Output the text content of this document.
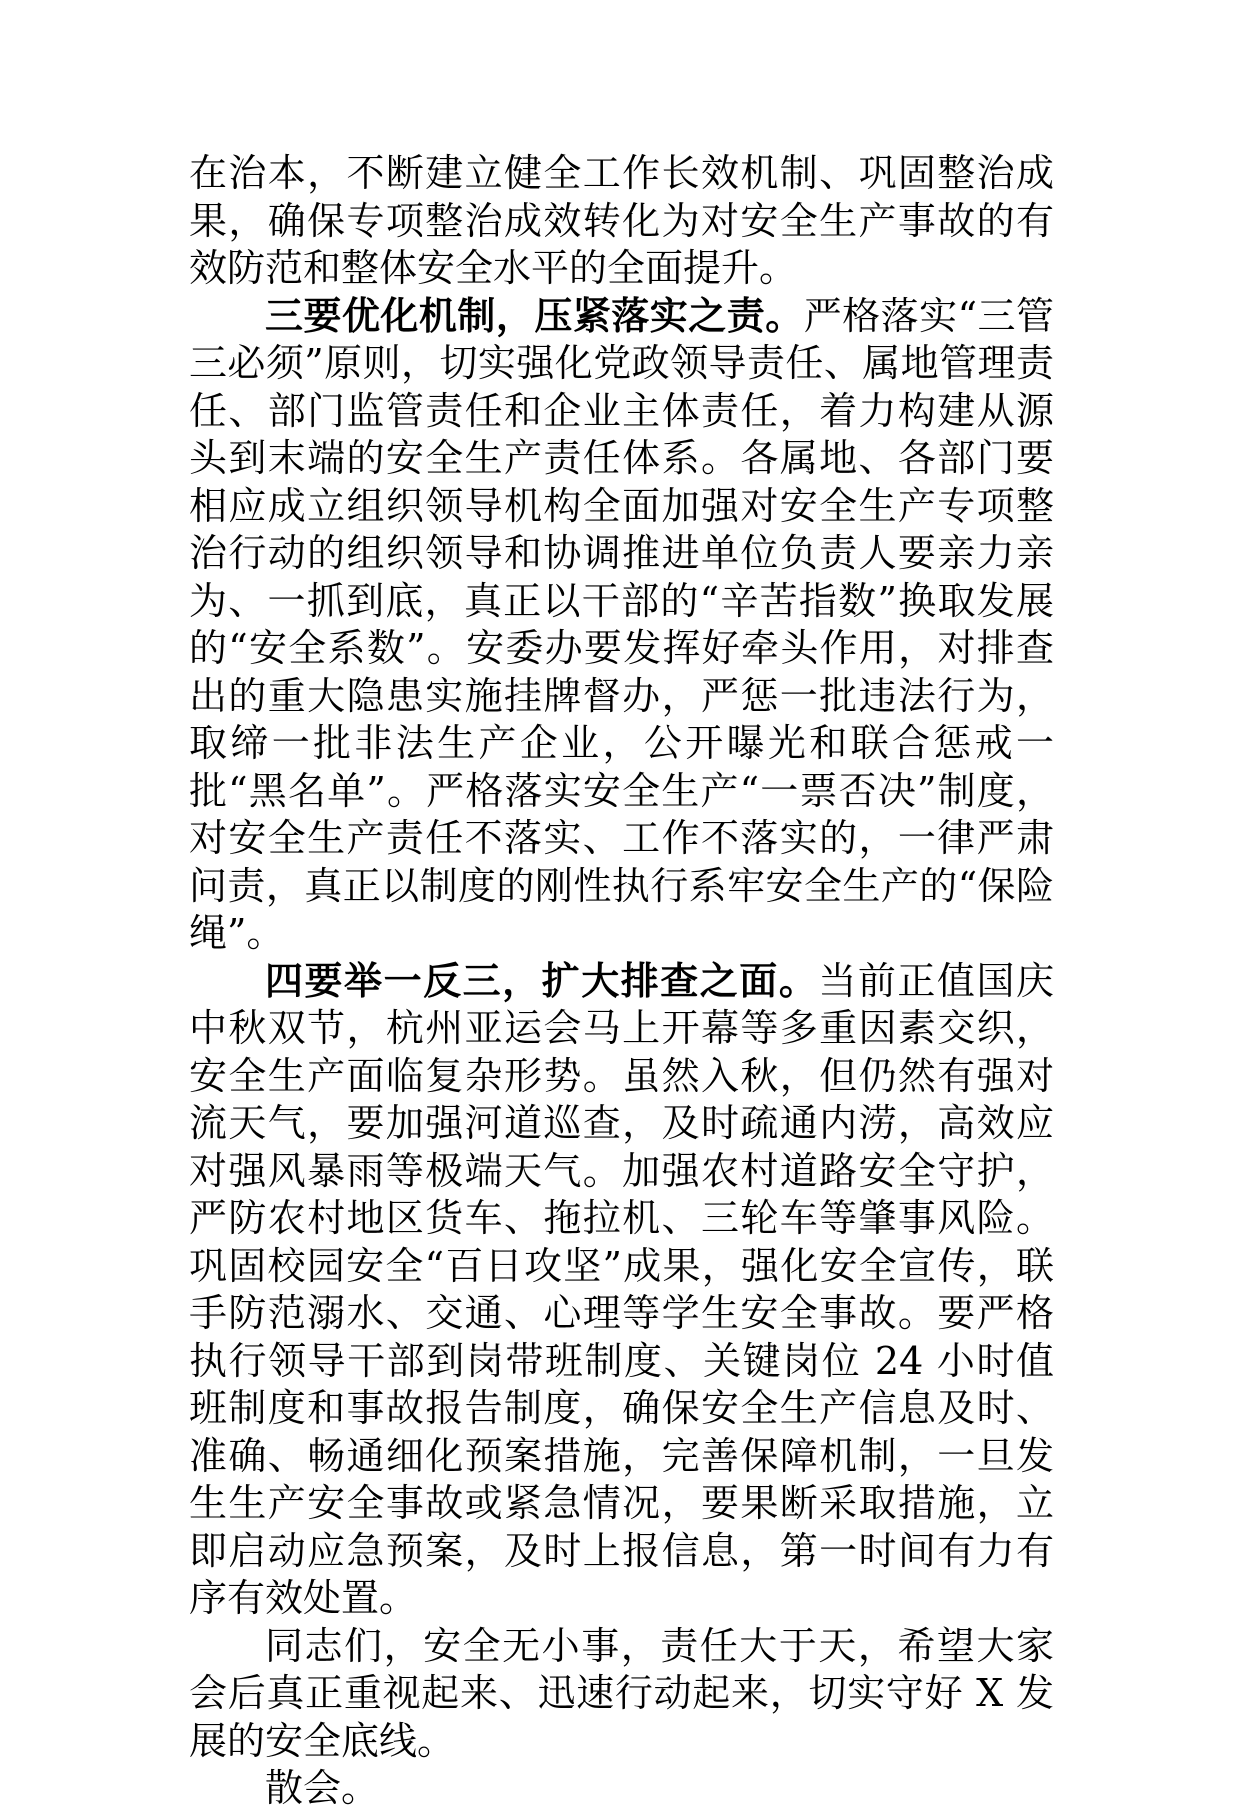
在治本，不断建立健全工作长效机制、巩固整治成果，确保专项整治成效转化为对安全生产事故的有效防范和整体安全水平的全面提升。

三要优化机制，压紧落实之责。严格落实“三管三必须”原则，切实强化党政领导责任、属地管理责任、部门监管责任和企业主体责任，着力构建从源头到末端的安全生产责任体系。各属地、各部门要相应成立组织领导机构全面加强对安全生产专项整治行动的组织领导和协调推进单位负责人要亲力亲为、一抓到底，真正以干部的“辛苦指数”换取发展的“安全系数”。安委办要发挥好牵头作用，对排查出的重大隐患实施挂牌督办，严惩一批违法行为，取缔一批非法生产企业，公开曝光和联合惩戒一批“黑名单”。严格落实安全生产“一票否决”制度，对安全生产责任不落实、工作不落实的，一律严肃问责，真正以制度的刚性执行系牢安全生产的“保险绳”。

四要举一反三，扩大排查之面。当前正值国庆中秋双节，杭州亚运会马上开幕等多重因素交织，安全生产面临复杂形势。虽然入秋，但仍然有强对流天气，要加强河道巡查，及时疏通内涝，高效应对强风暴雨等极端天气。加强农村道路安全守护，严防农村地区货车、拖拉机、三轮车等肇事风险。巩固校园安全“百日攻坚”成果，强化安全宣传，联手防范溺水、交通、心理等学生安全事故。要严格执行领导干部到岗带班制度、关键岗位 24 小时值班制度和事故报告制度，确保安全生产信息及时、准确、畅通细化预案措施，完善保障机制，一旦发生生产安全事故或紧急情况，要果断采取措施，立即启动应急预案，及时上报信息，第一时间有力有序有效处置。

同志们，安全无小事，责任大于天，希望大家会后真正重视起来、迅速行动起来，切实守好 X 发展的安全底线。

散会。
